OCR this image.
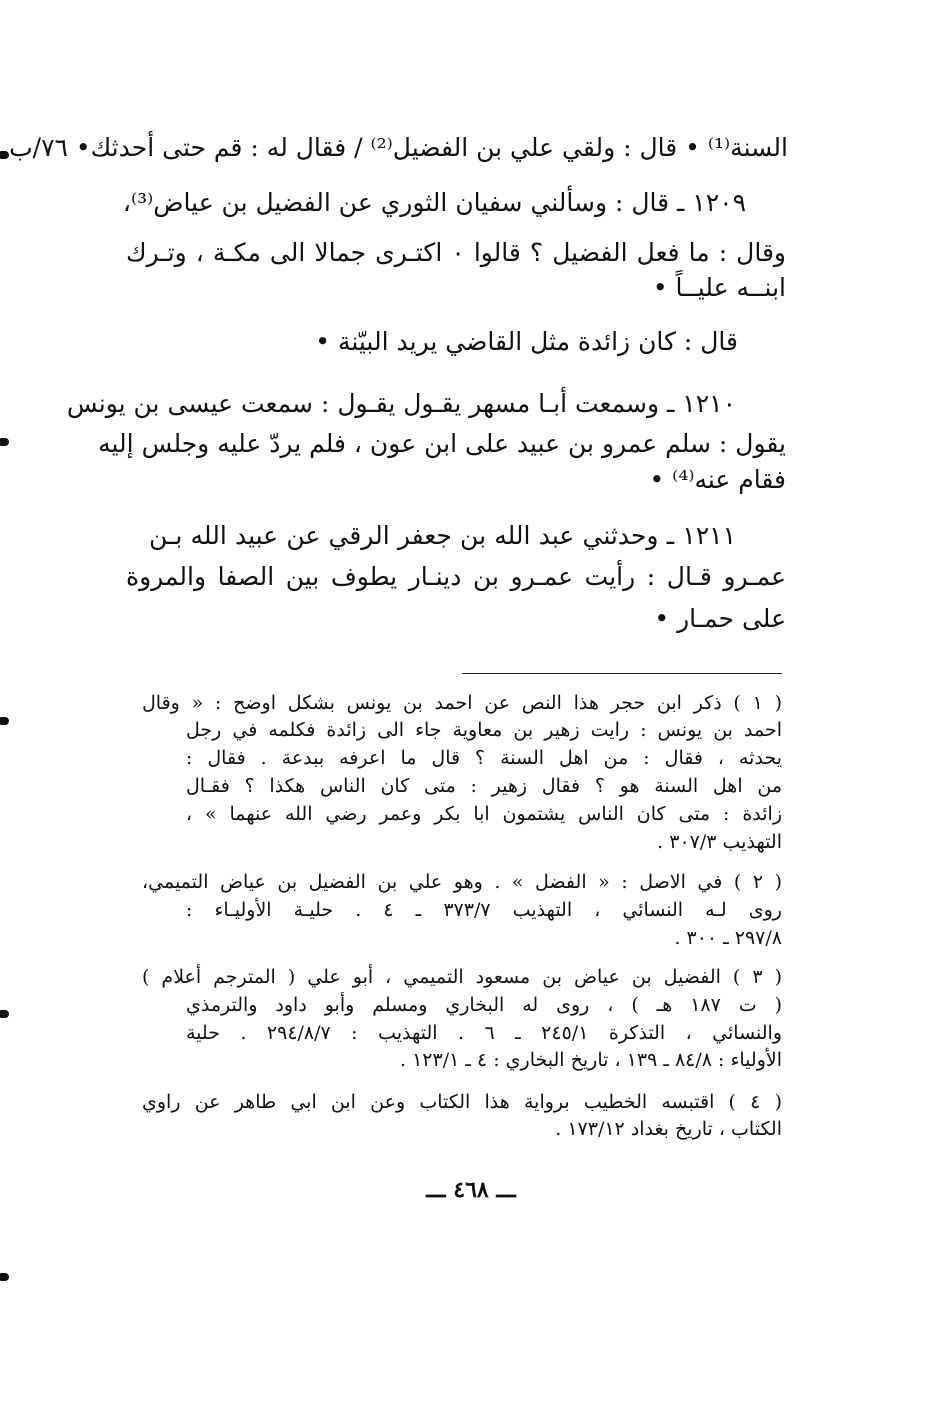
السنة⁽¹⁾ • قال : ولقي علي بن الفضيل⁽²⁾ / فقال له : قم حتى أحدثك• ٧٦/ب
١٢٠٩ ـ قال : وسألني سفيان الثوري عن الفضيل بن عياض⁽³⁾،
وقال : ما فعل الفضيل ؟ قالوا ٠ اكتـرى جمالا الى مكـة ، وتـرك
ابنــه عليــاً •
قال : كان زائدة مثل القاضي يريد البيّنة •
١٢١٠ ـ وسمعت أبـا مسهر يقـول يقـول : سمعت عيسى بن يونس
يقول : سلم عمرو بن عبيد على ابن عون ، فلم يردّ عليه وجلس إليه
فقام عنه⁽⁴⁾ •
١٢١١ ـ وحدثني عبد الله بن جعفر الرقي عن عبيد الله بـن
عمـرو قـال : رأيت عمـرو بن دينـار يطوف بين الصفا والمروة
على حمـار •
( ١ ) ذكر ابن حجر هذا النص عن احمد بن يونس بشكل اوضح : « وقال
احمد بن يونس : رايت زهير بن معاوية جاء الى زائدة فكلمه في رجل
يحدثه ، فقال : من اهل السنة ؟ قال ما اعرفه ببدعة . فقال :
من اهل السنة هو ؟ فقال زهير : متى كان الناس هكذا ؟ فقـال
زائدة : متى كان الناس يشتمون ابا بكر وعمر رضي الله عنهما » ،
التهذيب ٣٠٧/٣ .
( ٢ ) في الاصل : « الفضل » . وهو علي بن الفضيل بن عياض التميمي،
روى لـه النسائي ، التهذيب ٣٧٣/٧ ـ ٤ . حليـة الأوليـاء :
٢٩٧/٨ ـ ٣٠٠ .
( ٣ ) الفضيل بن عياض بن مسعود التميمي ، أبو علي ( المترجم أعلام )
( ت ١٨٧ هـ ) ، روى له البخاري ومسلم وأبو داود والترمذي
والنسائي ، التذكرة ٢٤٥/١ ـ ٦ . التهذيب : ٢٩٤/٨/٧ . حلية
الأولياء : ٨٤/٨ ـ ١٣٩ ، تاريخ البخاري : ٤ ـ ١٢٣/١ .
( ٤ ) اقتبسه الخطيب برواية هذا الكتاب وعن ابن ابي طاهر عن راوي
الكتاب ، تاريخ بغداد ١٧٣/١٢ .
ـــ ٤٦٨ ـــ
